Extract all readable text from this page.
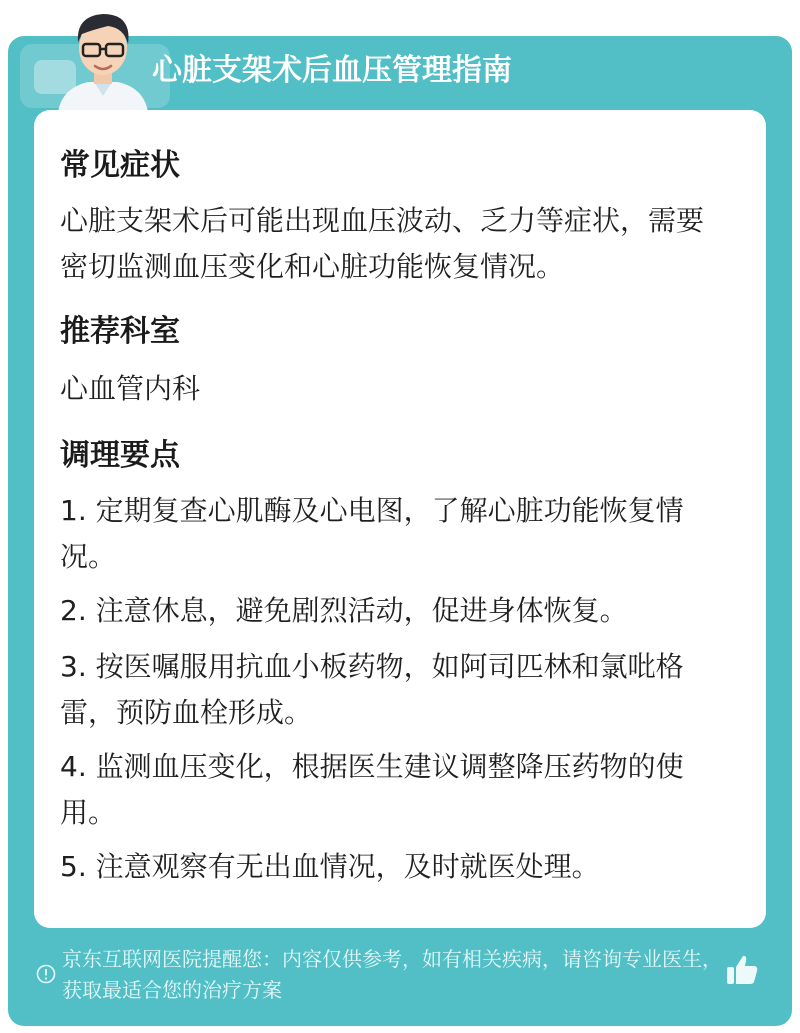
心脏支架术后血压管理指南
常见症状
心脏支架术后可能出现血压波动、乏力等症状，需要密切监测血压变化和心脏功能恢复情况。
推荐科室
心血管内科
调理要点
1. 定期复查心肌酶及心电图，了解心脏功能恢复情况。
2. 注意休息，避免剧烈活动，促进身体恢复。
3. 按医嘱服用抗血小板药物，如阿司匹林和氯吡格雷，预防血栓形成。
4. 监测血压变化，根据医生建议调整降压药物的使用。
5. 注意观察有无出血情况，及时就医处理。
京东互联网医院提醒您：内容仅供参考，如有相关疾病，请咨询专业医生，获取最适合您的治疗方案
